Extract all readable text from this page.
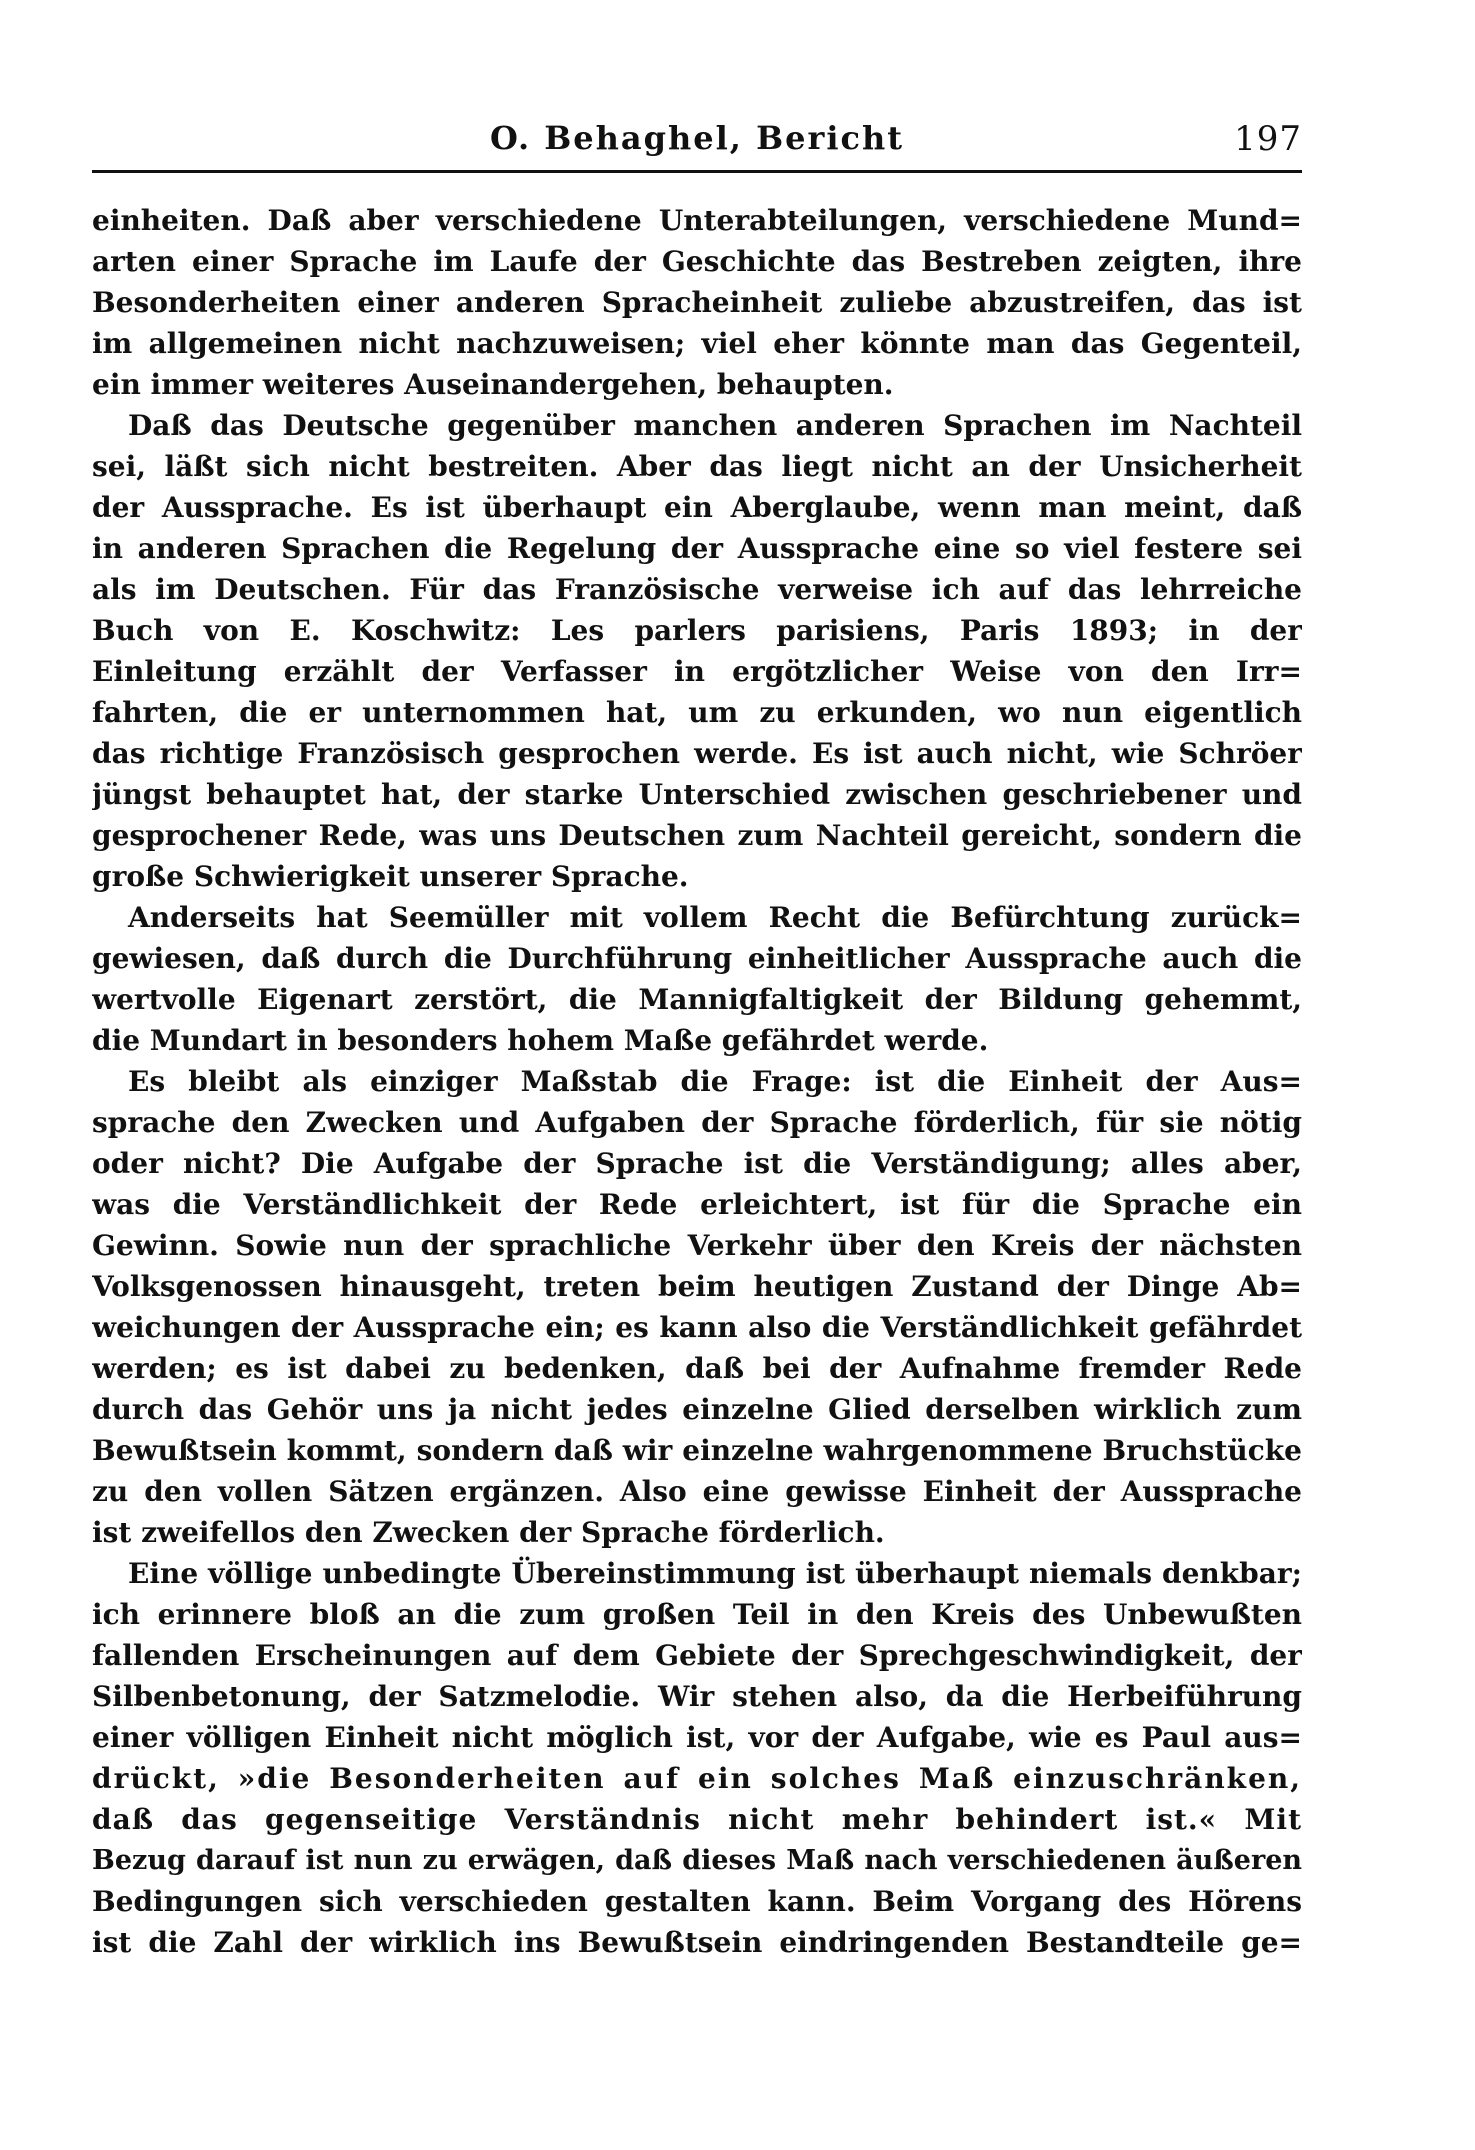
O. Behaghel, Bericht	197
einheiten. Daß aber verschiedene Unterabteilungen, verschiedene Mund=
arten einer Sprache im Laufe der Geschichte das Bestreben zeigten, ihre
Besonderheiten einer anderen Spracheinheit zuliebe abzustreifen, das ist
im allgemeinen nicht nachzuweisen; viel eher könnte man das Gegenteil,
ein immer weiteres Auseinandergehen, behaupten.
Daß das Deutsche gegenüber manchen anderen Sprachen im Nachteil
sei, läßt sich nicht bestreiten. Aber das liegt nicht an der Unsicherheit
der Aussprache. Es ist überhaupt ein Aberglaube, wenn man meint, daß
in anderen Sprachen die Regelung der Aussprache eine so viel festere sei
als im Deutschen. Für das Französische verweise ich auf das lehrreiche
Buch von E. Koschwitz: Les parlers parisiens, Paris 1893; in der
Einleitung erzählt der Verfasser in ergötzlicher Weise von den Irr=
fahrten, die er unternommen hat, um zu erkunden, wo nun eigentlich
das richtige Französisch gesprochen werde. Es ist auch nicht, wie Schröer
jüngst behauptet hat, der starke Unterschied zwischen geschriebener und
gesprochener Rede, was uns Deutschen zum Nachteil gereicht, sondern die
große Schwierigkeit unserer Sprache.
Anderseits hat Seemüller mit vollem Recht die Befürchtung zurück=
gewiesen, daß durch die Durchführung einheitlicher Aussprache auch die
wertvolle Eigenart zerstört, die Mannigfaltigkeit der Bildung gehemmt,
die Mundart in besonders hohem Maße gefährdet werde.
Es bleibt als einziger Maßstab die Frage: ist die Einheit der Aus=
sprache den Zwecken und Aufgaben der Sprache förderlich, für sie nötig
oder nicht? Die Aufgabe der Sprache ist die Verständigung; alles aber,
was die Verständlichkeit der Rede erleichtert, ist für die Sprache ein
Gewinn. Sowie nun der sprachliche Verkehr über den Kreis der nächsten
Volksgenossen hinausgeht, treten beim heutigen Zustand der Dinge Ab=
weichungen der Aussprache ein; es kann also die Verständlichkeit gefährdet
werden; es ist dabei zu bedenken, daß bei der Aufnahme fremder Rede
durch das Gehör uns ja nicht jedes einzelne Glied derselben wirklich zum
Bewußtsein kommt, sondern daß wir einzelne wahrgenommene Bruchstücke
zu den vollen Sätzen ergänzen. Also eine gewisse Einheit der Aussprache
ist zweifellos den Zwecken der Sprache förderlich.
Eine völlige unbedingte Übereinstimmung ist überhaupt niemals denkbar;
ich erinnere bloß an die zum großen Teil in den Kreis des Unbewußten
fallenden Erscheinungen auf dem Gebiete der Sprechgeschwindigkeit, der
Silbenbetonung, der Satzmelodie. Wir stehen also, da die Herbeiführung
einer völligen Einheit nicht möglich ist, vor der Aufgabe, wie es Paul aus=
drückt, »die Besonderheiten auf ein solches Maß einzuschränken,
daß das gegenseitige Verständnis nicht mehr behindert ist.« Mit
Bezug darauf ist nun zu erwägen, daß dieses Maß nach verschiedenen äußeren
Bedingungen sich verschieden gestalten kann. Beim Vorgang des Hörens
ist die Zahl der wirklich ins Bewußtsein eindringenden Bestandteile ge=
